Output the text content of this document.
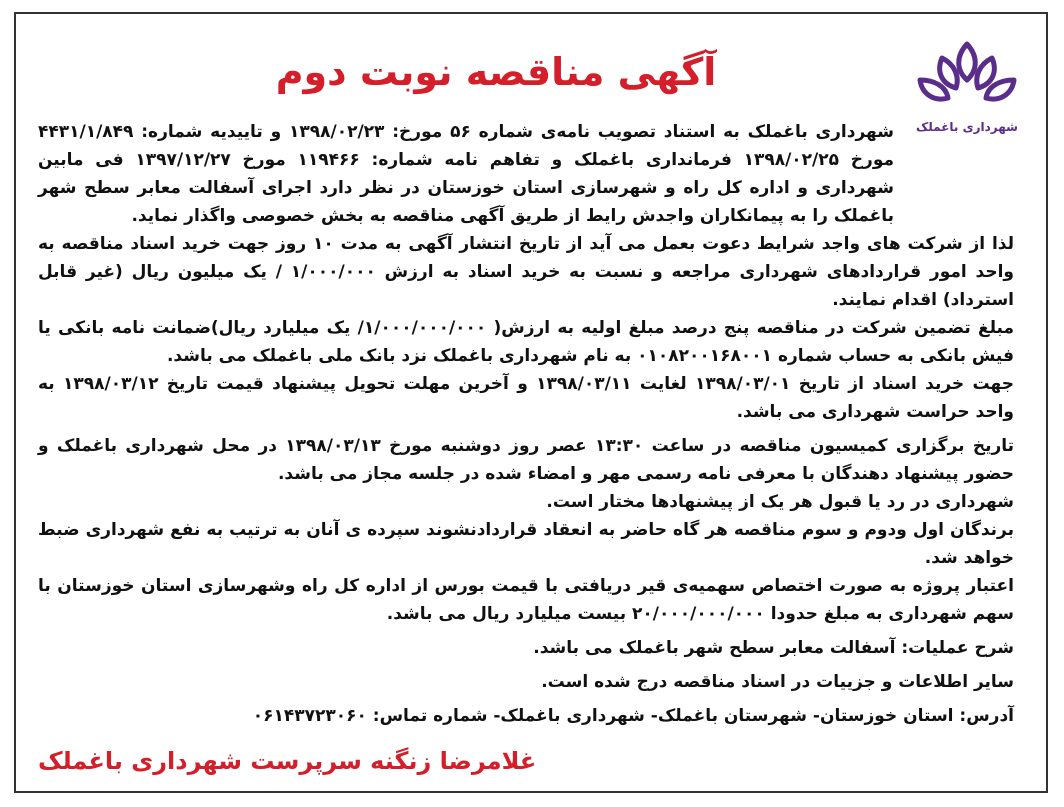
شهرداری باغملک
آگهی مناقصه نوبت دوم

شهرداری باغملک به استناد تصویب نامه‌ی شماره ۵۶ مورخ: ۱۳۹۸/۰۲/۲۳ و تاییدیه شماره: ۴۴۳۱/۱/۸۴۹ مورخ ۱۳۹۸/۰۲/۲۵ فرمانداری باغملک و تفاهم نامه شماره: ۱۱۹۴۶۶ مورخ ۱۳۹۷/۱۲/۲۷ فی مابین شهرداری و اداره کل راه و شهرسازی استان خوزستان در نظر دارد اجرای آسفالت معابر سطح شهر باغملک را به پیمانکاران واجدش رایط از طریق آگهی مناقصه به بخش خصوصی واگذار نماید.

لذا از شرکت های واجد شرایط دعوت بعمل می آید از تاریخ انتشار آگهی به مدت ۱۰ روز جهت خرید اسناد مناقصه به واحد امور قراردادهای شهرداری مراجعه و نسبت به خرید اسناد به ارزش ۱/۰۰۰/۰۰۰ / یک میلیون ریال (غیر قابل استرداد) اقدام نمایند.

مبلغ تضمین شرکت در مناقصه پنج درصد مبلغ اولیه به ارزش( ۱/۰۰۰/۰۰۰/۰۰۰/ یک میلیارد ریال)ضمانت نامه بانکی یا فیش بانکی به حساب شماره ۰۱۰۸۲۰۰۱۶۸۰۰۱ به نام شهرداری باغملک نزد بانک ملی باغملک می باشد.

جهت خرید اسناد از تاریخ ۱۳۹۸/۰۳/۰۱ لغایت ۱۳۹۸/۰۳/۱۱ و آخرین مهلت تحویل پیشنهاد قیمت تاریخ ۱۳۹۸/۰۳/۱۲ به واحد حراست شهرداری می باشد.

تاریخ برگزاری کمیسیون مناقصه در ساعت ۱۳:۳۰ عصر روز دوشنبه مورخ ۱۳۹۸/۰۳/۱۳ در محل شهرداری باغملک و حضور پیشنهاد دهندگان با معرفی نامه رسمی مهر و امضاء شده در جلسه مجاز می باشد.

شهرداری در رد یا قبول هر یک از پیشنهادها مختار است.

برندگان اول ودوم و سوم مناقصه هر گاه حاضر به انعقاد قراردادنشوند سپرده ی آنان به ترتیب به نفع شهرداری ضبط خواهد شد.

اعتبار پروژه به صورت اختصاص سهمیه‌ی قیر دریافتی با قیمت بورس از اداره کل راه وشهرسازی استان خوزستان با سهم شهرداری به مبلغ حدودا ۲۰/۰۰۰/۰۰۰/۰۰۰ بیست میلیارد ریال می باشد.

شرح عملیات: آسفالت معابر سطح شهر باغملک می باشد.

سایر اطلاعات و جزییات در اسناد مناقصه درج شده است.

آدرس: استان خوزستان- شهرستان باغملک- شهرداری باغملک- شماره تماس: ۰۶۱۴۳۷۲۳۰۶۰

غلامرضا زنگنه سرپرست شهرداری باغملک
